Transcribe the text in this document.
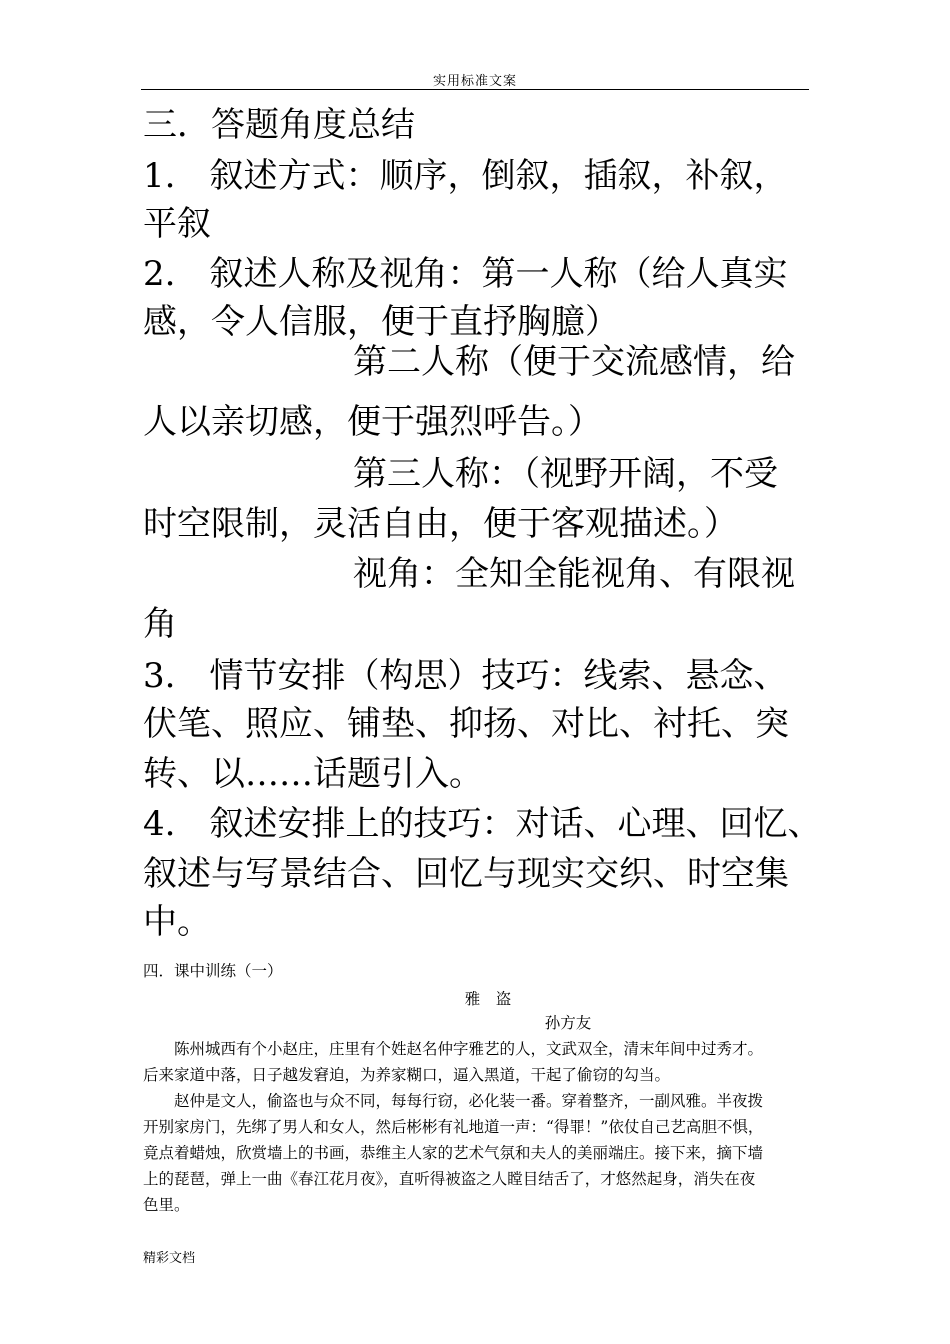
实用标准文案
三．答题角度总结
1.　叙述方式：顺序，倒叙，插叙，补叙，
平叙
2.　叙述人称及视角：第一人称（给人真实
感，令人信服，便于直抒胸臆）
第二人称（便于交流感情，给
人以亲切感，便于强烈呼告。）
第三人称：（视野开阔，不受
时空限制，灵活自由，便于客观描述。）
视角：全知全能视角、有限视
角
3.　情节安排（构思）技巧：线索、悬念、
伏笔、照应、铺垫、抑扬、对比、衬托、突
转、以……话题引入。
4.　叙述安排上的技巧：对话、心理、回忆、
叙述与写景结合、回忆与现实交织、时空集
中。
四．课中训练（一）
雅　盗
孙方友
　　陈州城西有个小赵庄，庄里有个姓赵名仲字雅艺的人，文武双全，清末年间中过秀才。
后来家道中落，日子越发窘迫，为养家糊口，逼入黑道，干起了偷窃的勾当。
　　赵仲是文人，偷盗也与众不同，每每行窃，必化装一番。穿着整齐，一副风雅。半夜拨
开别家房门，先绑了男人和女人，然后彬彬有礼地道一声：“得罪！”依仗自己艺高胆不惧，
竟点着蜡烛，欣赏墙上的书画，恭维主人家的艺术气氛和夫人的美丽端庄。接下来，摘下墙
上的琵琶，弹上一曲《春江花月夜》，直听得被盗之人瞠目结舌了，才悠然起身，消失在夜
色里。
精彩文档
